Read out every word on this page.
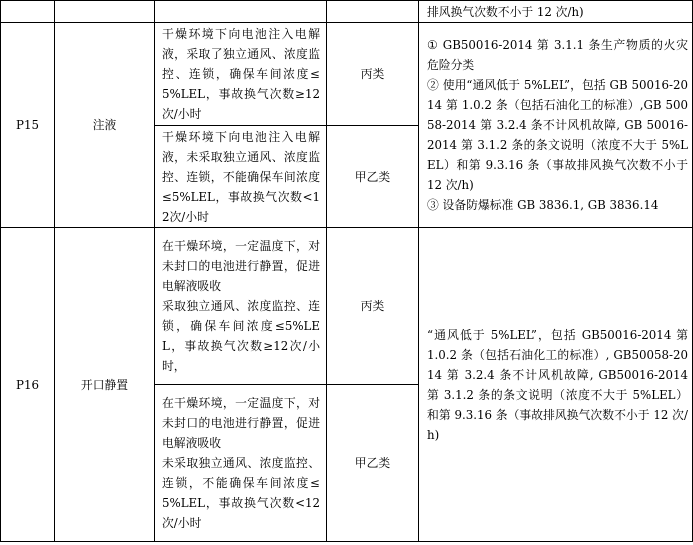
				排风换气次数不小于 12 次/h)
P15	注液	干燥环境下向电池注入电解液，采取了独立通风、浓度监控、连锁，确保车间浓度≤5%LEL，事故换气次数≥12次/小时	丙类	① GB50016-2014 第 3.1.1 条生产物质的火灾危险分类
② 使用“通风低于 5%LEL”，包括 GB 50016-2014 第 1.0.2 条（包括石油化工的标准）,GB 50058-2014 第 3.2.4 条不计风机故障, GB 50016-2014 第 3.1.2 条的条文说明（浓度不大于 5%LEL）和第 9.3.16 条（事故排风换气次数不小于 12 次/h)
③ 设备防爆标准 GB 3836.1, GB 3836.14

		干燥环境下向电池注入电解液，未采取独立通风、浓度监控、连锁，不能确保车间浓度≤5%LEL，事故换气次数<12次/小时	甲乙类	
P16	开口静置	在干燥环境，一定温度下，对未封口的电池进行静置，促进电解液吸收
采取独立通风、浓度监控、连锁，确保车间浓度≤5%LEL，事故换气次数≥12次/小时，	丙类	“通风低于 5%LEL”，包括 GB50016-2014 第 1.0.2 条（包括石油化工的标准）, GB50058-2014 第 3.2.4 条不计风机故障, GB50016-2014 第 3.1.2 条的条文说明（浓度不大于 5%LEL）和第 9.3.16 条（事故排风换气次数不小于 12 次/h)

		在干燥环境，一定温度下，对未封口的电池进行静置，促进电解液吸收
未采取独立通风、浓度监控、连锁，不能确保车间浓度≤5%LEL，事故换气次数<12次/小时	甲乙类	
